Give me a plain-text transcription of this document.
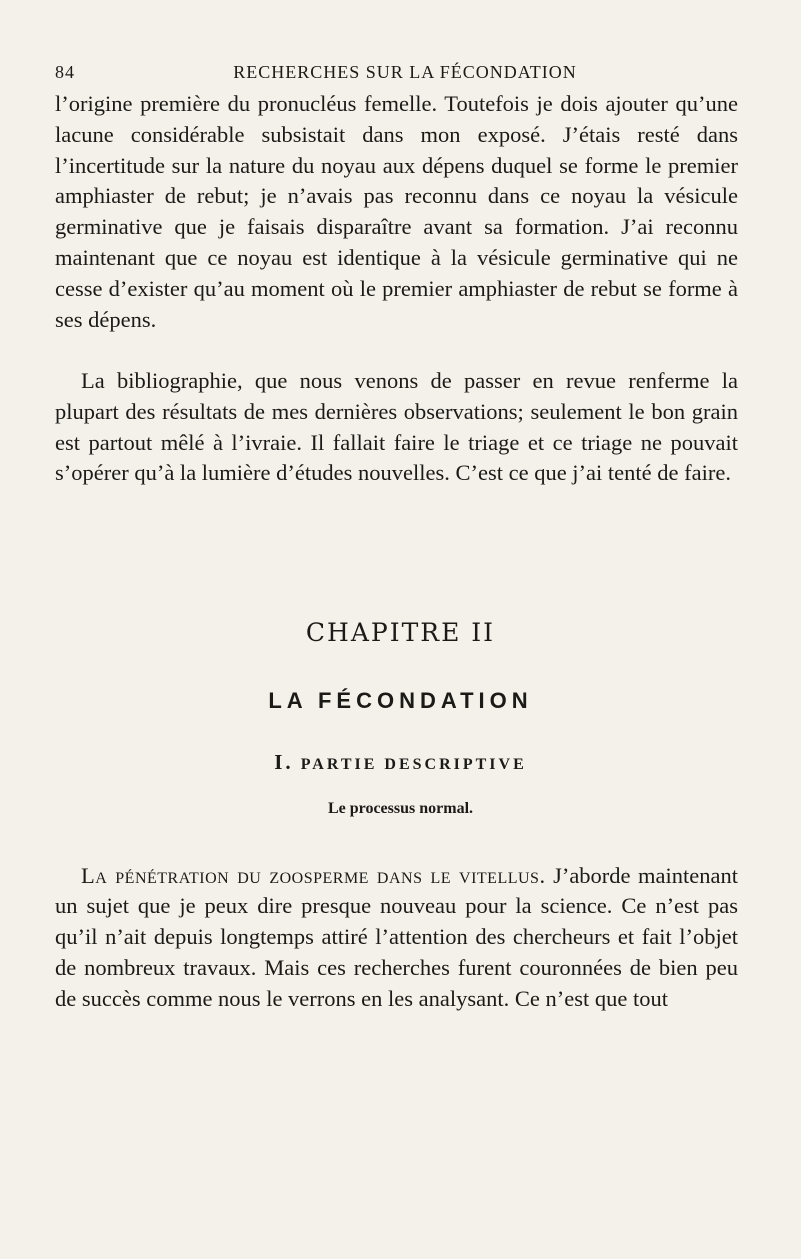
84	RECHERCHES SUR LA FÉCONDATION

l’origine première du pronucléus femelle. Toutefois je dois ajouter qu’une lacune considérable subsistait dans mon exposé. J’étais resté dans l’incertitude sur la nature du noyau aux dépens duquel se forme le premier amphiaster de rebut; je n’avais pas reconnu dans ce noyau la vésicule germinative que je faisais disparaître avant sa formation. J’ai reconnu maintenant que ce noyau est identique à la vésicule germinative qui ne cesse d’exister qu’au moment où le premier amphiaster de rebut se forme à ses dépens.

La bibliographie, que nous venons de passer en revue renferme la plupart des résultats de mes dernières observations; seulement le bon grain est partout mêlé à l’ivraie. Il fallait faire le triage et ce triage ne pouvait s’opérer qu’à la lumière d’études nouvelles. C’est ce que j’ai tenté de faire.

CHAPITRE II
LA FÉCONDATION
I. PARTIE DESCRIPTIVE
Le processus normal.

La pénétration du zoosperme dans le vitellus. J’aborde maintenant un sujet que je peux dire presque nouveau pour la science. Ce n’est pas qu’il n’ait depuis longtemps attiré l’attention des chercheurs et fait l’objet de nombreux travaux. Mais ces recherches furent couronnées de bien peu de succès comme nous le verrons en les analysant. Ce n’est que tout
